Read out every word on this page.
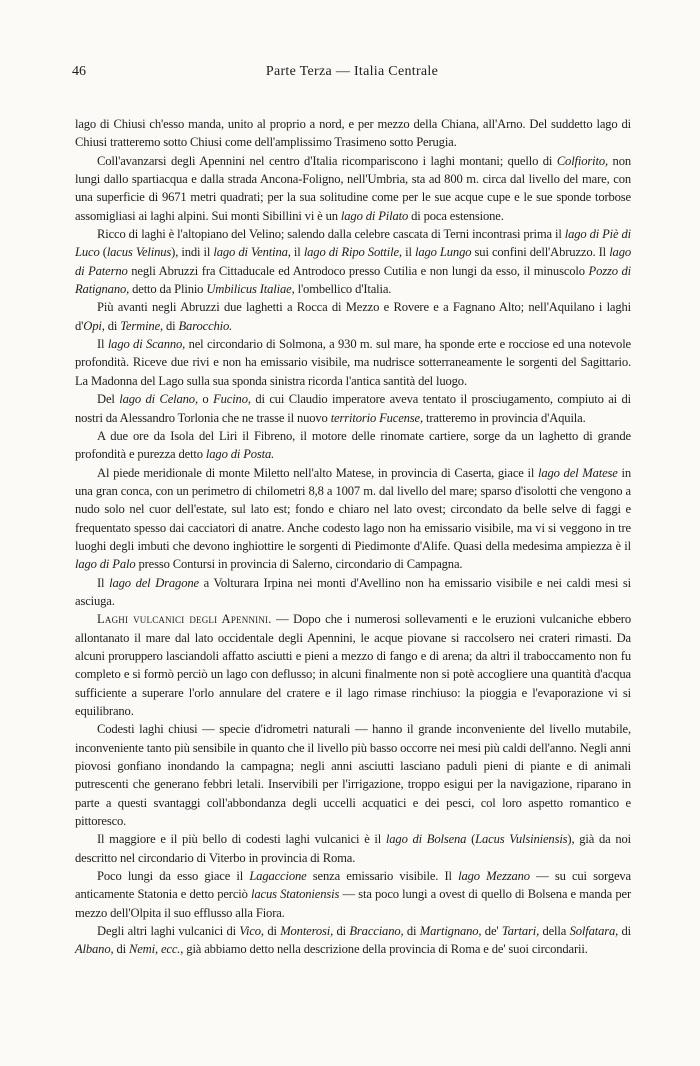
46	Parte Terza — Italia Centrale

lago di Chiusi ch'esso manda, unito al proprio a nord, e per mezzo della Chiana, all'Arno. Del suddetto lago di Chiusi tratteremo sotto Chiusi come dell'amplissimo Trasimeno sotto Perugia.

Coll'avanzarsi degli Apennini nel centro d'Italia ricompariscono i laghi montani; quello di Colfiorito, non lungi dallo spartiacqua e dalla strada Ancona-Foligno, nell'Umbria, sta ad 800 m. circa dal livello del mare, con una superficie di 9671 metri quadrati; per la sua solitudine come per le sue acque cupe e le sue sponde torbose assomigliasi ai laghi alpini. Sui monti Sibillini vi è un lago di Pilato di poca estensione.

Ricco di laghi è l'altopiano del Velino; salendo dalla celebre cascata di Terni incontrasi prima il lago di Piè di Luco (lacus Velinus), indi il lago di Ventina, il lago di Ripo Sottile, il lago Lungo sui confini dell'Abruzzo. Il lago di Paterno negli Abruzzi fra Cittaducale ed Antrodoco presso Cutilia e non lungi da esso, il minuscolo Pozzo di Ratignano, detto da Plinio Umbilicus Italiae, l'ombellico d'Italia.

Più avanti negli Abruzzi due laghetti a Rocca di Mezzo e Rovere e a Fagnano Alto; nell'Aquilano i laghi d'Opi, di Termine, di Barocchio.

Il lago di Scanno, nel circondario di Solmona, a 930 m. sul mare, ha sponde erte e rocciose ed una notevole profondità. Riceve due rivi e non ha emissario visibile, ma nudrisce sotterraneamente le sorgenti del Sagittario. La Madonna del Lago sulla sua sponda sinistra ricorda l'antica santità del luogo.

Del lago di Celano, o Fucino, di cui Claudio imperatore aveva tentato il prosciugamento, compiuto ai di nostri da Alessandro Torlonia che ne trasse il nuovo territorio Fucense, tratteremo in provincia d'Aquila.

A due ore da Isola del Liri il Fibreno, il motore delle rinomate cartiere, sorge da un laghetto di grande profondità e purezza detto lago di Posta.

Al piede meridionale di monte Miletto nell'alto Matese, in provincia di Caserta, giace il lago del Matese in una gran conca, con un perimetro di chilometri 8,8 a 1007 m. dal livello del mare; sparso d'isolotti che vengono a nudo solo nel cuor dell'estate, sul lato est; fondo e chiaro nel lato ovest; circondato da belle selve di faggi e frequentato spesso dai cacciatori di anatre. Anche codesto lago non ha emissario visibile, ma vi si veggono in tre luoghi degli imbuti che devono inghiottire le sorgenti di Piedimonte d'Alife. Quasi della medesima ampiezza è il lago di Palo presso Contursi in provincia di Salerno, circondario di Campagna.

Il lago del Dragone a Volturara Irpina nei monti d'Avellino non ha emissario visibile e nei caldi mesi si asciuga.

Laghi vulcanici degli Apennini. — Dopo che i numerosi sollevamenti e le eruzioni vulcaniche ebbero allontanato il mare dal lato occidentale degli Apennini, le acque piovane si raccolsero nei crateri rimasti. Da alcuni proruppero lasciandoli affatto asciutti e pieni a mezzo di fango e di arena; da altri il traboccamento non fu completo e si formò perciò un lago con deflusso; in alcuni finalmente non si potè accogliere una quantità d'acqua sufficiente a superare l'orlo annulare del cratere e il lago rimase rinchiuso: la pioggia e l'evaporazione vi si equilibrano.

Codesti laghi chiusi — specie d'idrometri naturali — hanno il grande inconveniente del livello mutabile, inconveniente tanto più sensibile in quanto che il livello più basso occorre nei mesi più caldi dell'anno. Negli anni piovosi gonfiano inondando la campagna; negli anni asciutti lasciano paduli pieni di piante e di animali putrescenti che generano febbri letali. Inservibili per l'irrigazione, troppo esigui per la navigazione, riparano in parte a questi svantaggi coll'abbondanza degli uccelli acquatici e dei pesci, col loro aspetto romantico e pittoresco.

Il maggiore e il più bello di codesti laghi vulcanici è il lago di Bolsena (Lacus Vulsiniensis), già da noi descritto nel circondario di Viterbo in provincia di Roma.

Poco lungi da esso giace il Lagaccione senza emissario visibile. Il lago Mezzano — su cui sorgeva anticamente Statonia e detto perciò lacus Statoniensis — sta poco lungi a ovest di quello di Bolsena e manda per mezzo dell'Olpita il suo efflusso alla Fiora.

Degli altri laghi vulcanici di Vico, di Monterosi, di Bracciano, di Martignano, de' Tartari, della Solfatara, di Albano, di Nemi, ecc., già abbiamo detto nella descrizione della provincia di Roma e de' suoi circondarii.
